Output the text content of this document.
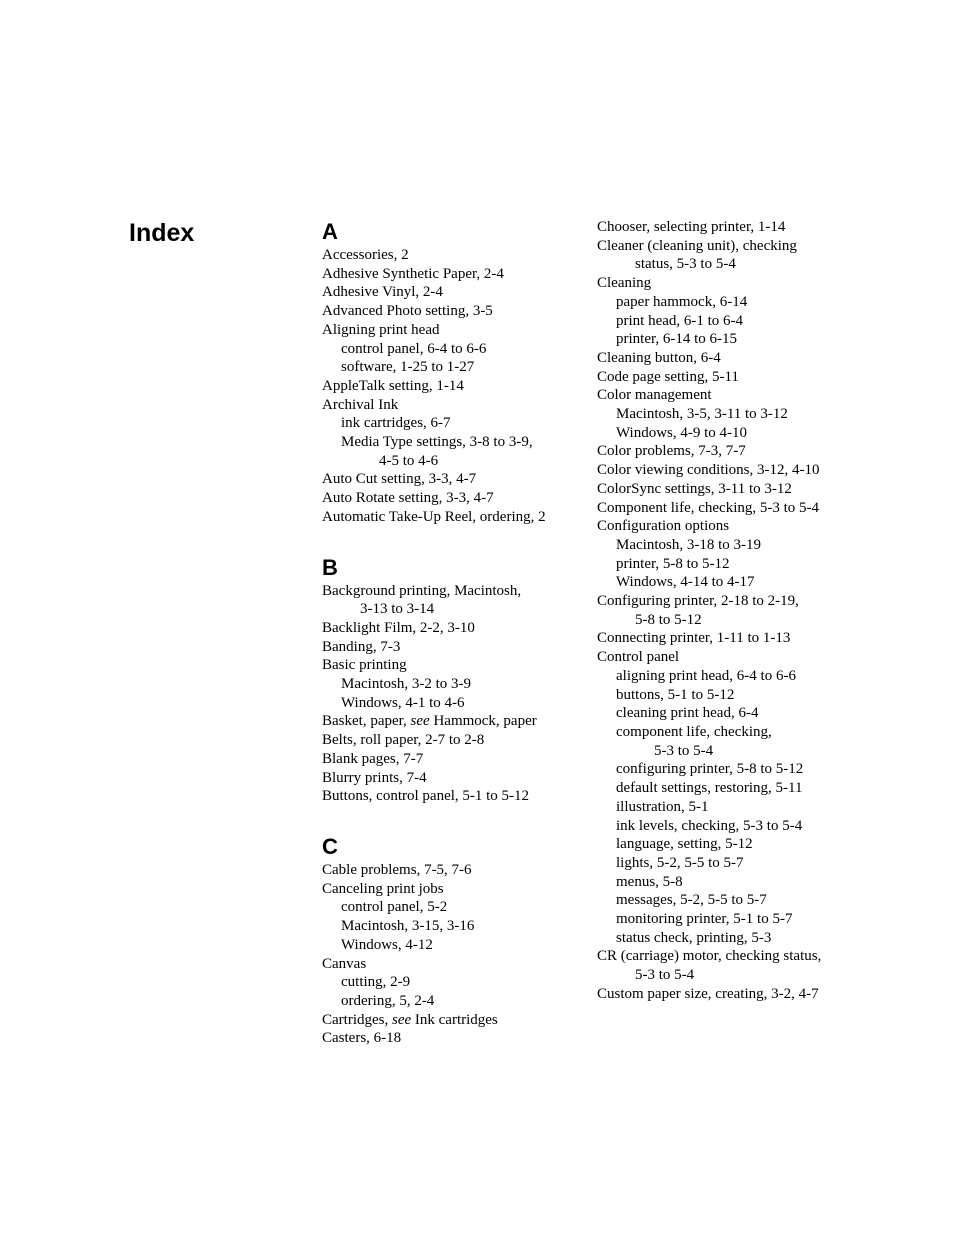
Index	A
Accessories, 2
Adhesive Synthetic Paper, 2-4
Adhesive Vinyl, 2-4
Advanced Photo setting, 3-5
Aligning print head
control panel, 6-4 to 6-6
software, 1-25 to 1-27
AppleTalk setting, 1-14
Archival Ink
ink cartridges, 6-7
Media Type settings, 3-8 to 3-9,
4-5 to 4-6
Auto Cut setting, 3-3, 4-7
Auto Rotate setting, 3-3, 4-7
Automatic Take-Up Reel, ordering, 2
B
Background printing, Macintosh,
3-13 to 3-14
Backlight Film, 2-2, 3-10
Banding, 7-3
Basic printing
Macintosh, 3-2 to 3-9
Windows, 4-1 to 4-6
Basket, paper, see Hammock, paper
Belts, roll paper, 2-7 to 2-8
Blank pages, 7-7
Blurry prints, 7-4
Buttons, control panel, 5-1 to 5-12
C
Cable problems, 7-5, 7-6
Canceling print jobs
control panel, 5-2
Macintosh, 3-15, 3-16
Windows, 4-12
Canvas
cutting, 2-9
ordering, 5, 2-4
Cartridges, see Ink cartridges
Casters, 6-18
Chooser, selecting printer, 1-14
Cleaner (cleaning unit), checking
status, 5-3 to 5-4
Cleaning
paper hammock, 6-14
print head, 6-1 to 6-4
printer, 6-14 to 6-15
Cleaning button, 6-4
Code page setting, 5-11
Color management
Macintosh, 3-5, 3-11 to 3-12
Windows, 4-9 to 4-10
Color problems, 7-3, 7-7
Color viewing conditions, 3-12, 4-10
ColorSync settings, 3-11 to 3-12
Component life, checking, 5-3 to 5-4
Configuration options
Macintosh, 3-18 to 3-19
printer, 5-8 to 5-12
Windows, 4-14 to 4-17
Configuring printer, 2-18 to 2-19,
5-8 to 5-12
Connecting printer, 1-11 to 1-13
Control panel
aligning print head, 6-4 to 6-6
buttons, 5-1 to 5-12
cleaning print head, 6-4
component life, checking,
5-3 to 5-4
configuring printer, 5-8 to 5-12
default settings, restoring, 5-11
illustration, 5-1
ink levels, checking, 5-3 to 5-4
language, setting, 5-12
lights, 5-2, 5-5 to 5-7
menus, 5-8
messages, 5-2, 5-5 to 5-7
monitoring printer, 5-1 to 5-7
status check, printing, 5-3
CR (carriage) motor, checking status,
5-3 to 5-4
Custom paper size, creating, 3-2, 4-7
